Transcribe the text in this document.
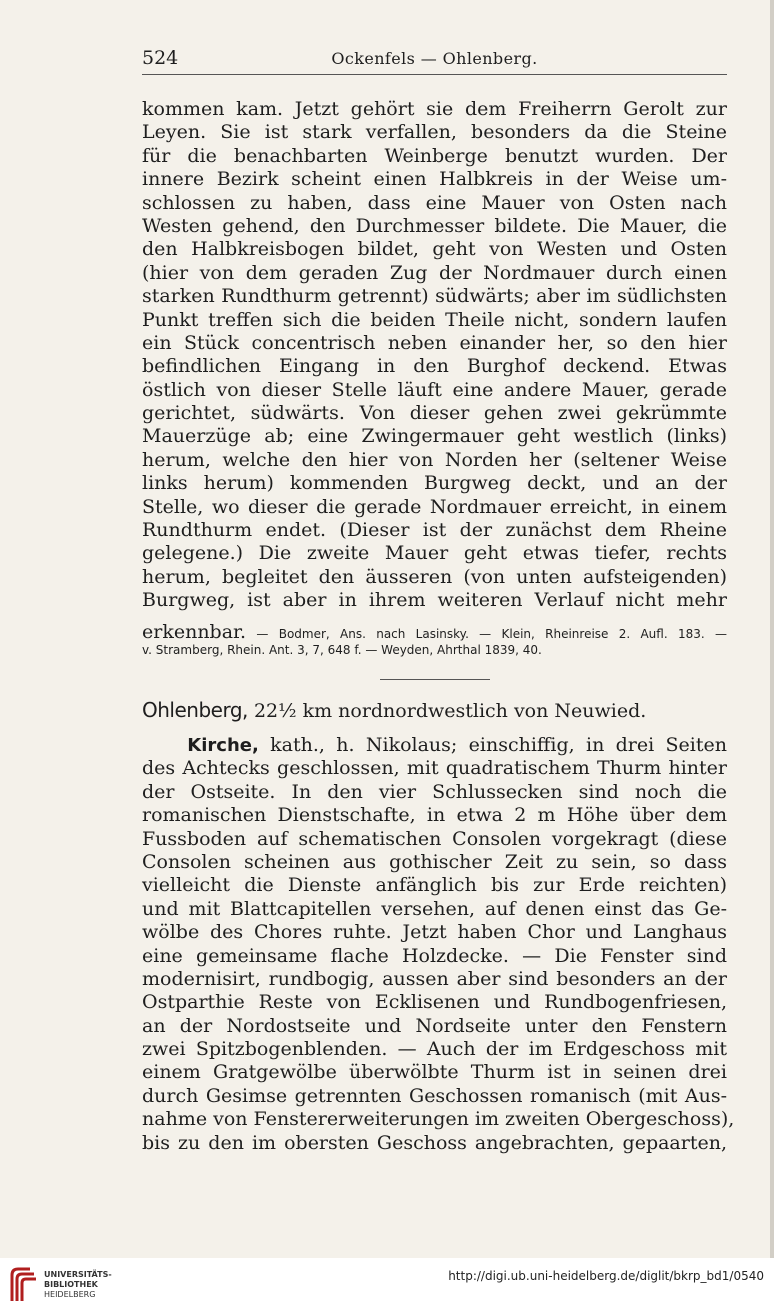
524	Ockenfels — Ohlenberg.
kommen kam. Jetzt gehört sie dem Freiherrn Gerolt zur
Leyen. Sie ist stark verfallen, besonders da die Steine
für die benachbarten Weinberge benutzt wurden. Der
innere Bezirk scheint einen Halbkreis in der Weise um-
schlossen zu haben, dass eine Mauer von Osten nach
Westen gehend, den Durchmesser bildete. Die Mauer, die
den Halbkreisbogen bildet, geht von Westen und Osten
(hier von dem geraden Zug der Nordmauer durch einen
starken Rundthurm getrennt) südwärts; aber im südlichsten
Punkt treffen sich die beiden Theile nicht, sondern laufen
ein Stück concentrisch neben einander her, so den hier
befindlichen Eingang in den Burghof deckend. Etwas
östlich von dieser Stelle läuft eine andere Mauer, gerade
gerichtet, südwärts. Von dieser gehen zwei gekrümmte
Mauerzüge ab; eine Zwingermauer geht westlich (links)
herum, welche den hier von Norden her (seltener Weise
links herum) kommenden Burgweg deckt, und an der
Stelle, wo dieser die gerade Nordmauer erreicht, in einem
Rundthurm endet. (Dieser ist der zunächst dem Rheine
gelegene.) Die zweite Mauer geht etwas tiefer, rechts
herum, begleitet den äusseren (von unten aufsteigenden)
Burgweg, ist aber in ihrem weiteren Verlauf nicht mehr
erkennbar. — Bodmer, Ans. nach Lasinsky. — Klein, Rheinreise 2. Aufl. 183. —
v. Stramberg, Rhein. Ant. 3, 7, 648 f. — Weyden, Ahrthal 1839, 40.
Ohlenberg, 22½ km nordnordwestlich von Neuwied.
Kirche, kath., h. Nikolaus; einschiffig, in drei Seiten
des Achtecks geschlossen, mit quadratischem Thurm hinter
der Ostseite. In den vier Schlussecken sind noch die
romanischen Dienstschafte, in etwa 2 m Höhe über dem
Fussboden auf schematischen Consolen vorgekragt (diese
Consolen scheinen aus gothischer Zeit zu sein, so dass
vielleicht die Dienste anfänglich bis zur Erde reichten)
und mit Blattcapitellen versehen, auf denen einst das Ge-
wölbe des Chores ruhte. Jetzt haben Chor und Langhaus
eine gemeinsame flache Holzdecke. — Die Fenster sind
modernisirt, rundbogig, aussen aber sind besonders an der
Ostparthie Reste von Ecklisenen und Rundbogenfriesen,
an der Nordostseite und Nordseite unter den Fenstern
zwei Spitzbogenblenden. — Auch der im Erdgeschoss mit
einem Gratgewölbe überwölbte Thurm ist in seinen drei
durch Gesimse getrennten Geschossen romanisch (mit Aus-
nahme von Fenstererweiterungen im zweiten Obergeschoss),
bis zu den im obersten Geschoss angebrachten, gepaarten,
UNIVERSITÄTS-
BIBLIOTHEK
HEIDELBERG
http://digi.ub.uni-heidelberg.de/diglit/bkrp_bd1/0540
